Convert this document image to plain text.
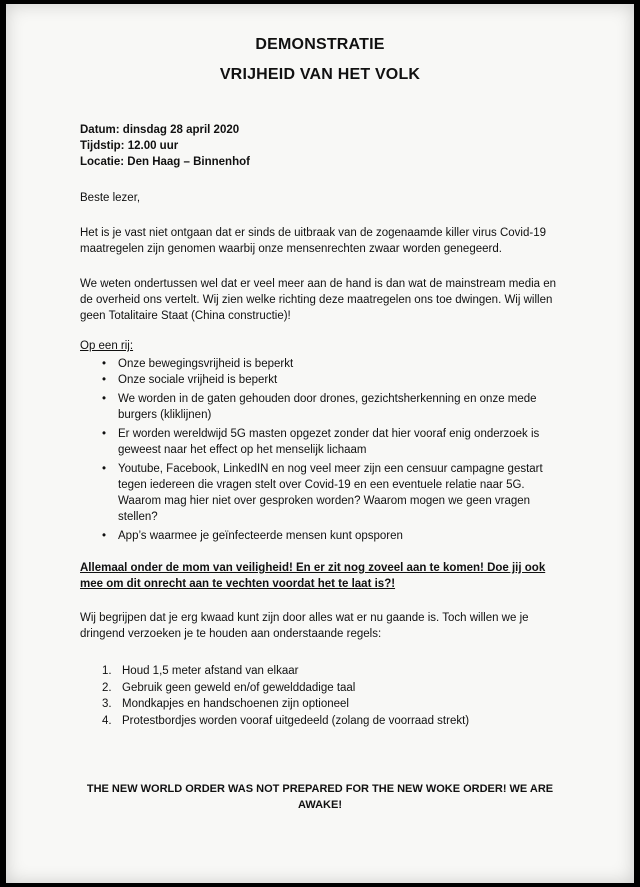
DEMONSTRATIE
VRIJHEID VAN HET VOLK
Datum: dinsdag 28 april 2020
Tijdstip: 12.00 uur
Locatie: Den Haag – Binnenhof
Beste lezer,
Het is je vast niet ontgaan dat er sinds de uitbraak van de zogenaamde killer virus Covid-19 maatregelen zijn genomen waarbij onze mensenrechten zwaar worden genegeerd.
We weten ondertussen wel dat er veel meer aan de hand is dan wat de mainstream media en de overheid ons vertelt. Wij zien welke richting deze maatregelen ons toe dwingen. Wij willen geen Totalitaire Staat (China constructie)!
Op een rij:
• Onze bewegingsvrijheid is beperkt
• Onze sociale vrijheid is beperkt
• We worden in de gaten gehouden door drones, gezichtsherkenning en onze mede burgers (kliklijnen)
• Er worden wereldwijd 5G masten opgezet zonder dat hier vooraf enig onderzoek is geweest naar het effect op het menselijk lichaam
• Youtube, Facebook, LinkedIN en nog veel meer zijn een censuur campagne gestart tegen iedereen die vragen stelt over Covid-19 en een eventuele relatie naar 5G. Waarom mag hier niet over gesproken worden? Waarom mogen we geen vragen stellen?
• App’s waarmee je geïnfecteerde mensen kunt opsporen
Allemaal onder de mom van veiligheid! En er zit nog zoveel aan te komen! Doe jij ook mee om dit onrecht aan te vechten voordat het te laat is?!
Wij begrijpen dat je erg kwaad kunt zijn door alles wat er nu gaande is. Toch willen we je dringend verzoeken je te houden aan onderstaande regels:
1. Houd 1,5 meter afstand van elkaar
2. Gebruik geen geweld en/of gewelddadige taal
3. Mondkapjes en handschoenen zijn optioneel
4. Protestbordjes worden vooraf uitgedeeld (zolang de voorraad strekt)
THE NEW WORLD ORDER WAS NOT PREPARED FOR THE NEW WOKE ORDER! WE ARE AWAKE!
